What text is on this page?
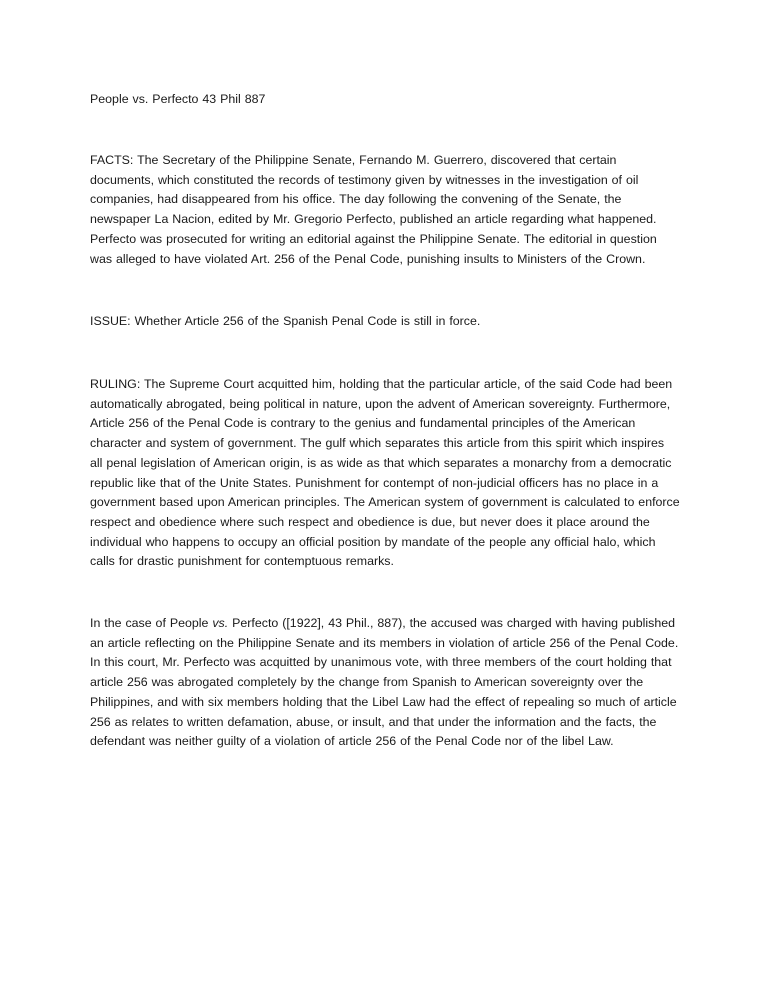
People vs. Perfecto 43 Phil 887

FACTS: The Secretary of the Philippine Senate, Fernando M. Guerrero, discovered that certain documents, which constituted the records of testimony given by witnesses in the investigation of oil companies, had disappeared from his office. The day following the convening of the Senate, the newspaper La Nacion, edited by Mr. Gregorio Perfecto, published an article regarding what happened. Perfecto was prosecuted for writing an editorial against the Philippine Senate. The editorial in question was alleged to have violated Art. 256 of the Penal Code, punishing insults to Ministers of the Crown.

ISSUE: Whether Article 256 of the Spanish Penal Code is still in force.

RULING: The Supreme Court acquitted him, holding that the particular article, of the said Code had been automatically abrogated, being political in nature, upon the advent of American sovereignty. Furthermore, Article 256 of the Penal Code is contrary to the genius and fundamental principles of the American character and system of government. The gulf which separates this article from this spirit which inspires all penal legislation of American origin, is as wide as that which separates a monarchy from a democratic republic like that of the Unite States. Punishment for contempt of non-judicial officers has no place in a government based upon American principles. The American system of government is calculated to enforce respect and obedience where such respect and obedience is due, but never does it place around the individual who happens to occupy an official position by mandate of the people any official halo, which calls for drastic punishment for contemptuous remarks.

In the case of People vs. Perfecto ([1922], 43 Phil., 887), the accused was charged with having published an article reflecting on the Philippine Senate and its members in violation of article 256 of the Penal Code. In this court, Mr. Perfecto was acquitted by unanimous vote, with three members of the court holding that article 256 was abrogated completely by the change from Spanish to American sovereignty over the Philippines, and with six members holding that the Libel Law had the effect of repealing so much of article 256 as relates to written defamation, abuse, or insult, and that under the information and the facts, the defendant was neither guilty of a violation of article 256 of the Penal Code nor of the libel Law.
